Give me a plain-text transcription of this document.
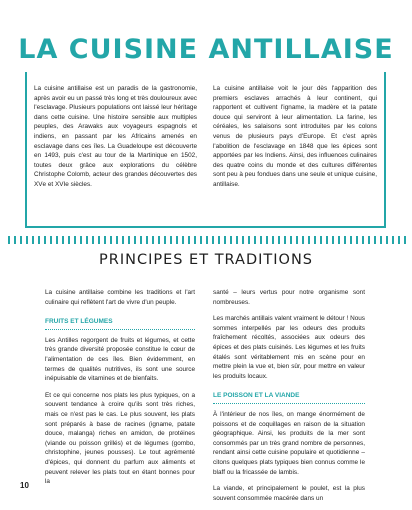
LA CUISINE ANTILLAISE

La cuisine antillaise est un paradis de la gastronomie, après avoir eu un passé très long et très douloureux avec l'esclavage. Plusieurs populations ont laissé leur héritage dans cette cuisine. Une histoire sensible aux multiples peuples, des Arawaks aux voyageurs espagnols et indiens, en passant par les Africains amenés en esclavage dans ces îles. La Guadeloupe est découverte en 1493, puis c'est au tour de la Martinique en 1502, toutes deux grâce aux explorations du célèbre Christophe Colomb, acteur des grandes découvertes des XVe et XVIe siècles.

La cuisine antillaise voit le jour dès l'apparition des premiers esclaves arrachés à leur continent, qui rapportent et cultivent l'igname, la madère et la patate douce qui serviront à leur alimentation. La farine, les céréales, les salaisons sont introduites par les colons venus de plusieurs pays d'Europe. Et c'est après l'abolition de l'esclavage en 1848 que les épices sont apportées par les Indiens. Ainsi, des influences culinaires des quatre coins du monde et des cultures différentes sont peu à peu fondues dans une seule et unique cuisine, antillaise.

PRINCIPES ET TRADITIONS

La cuisine antillaise combine les traditions et l'art culinaire qui reflètent l'art de vivre d'un peuple.

FRUITS ET LÉGUMES

Les Antilles regorgent de fruits et légumes, et cette très grande diversité proposée constitue le cœur de l'alimentation de ces îles. Bien évidemment, en termes de qualités nutritives, ils sont une source inépuisable de vitamines et de bienfaits.

Et ce qui concerne nos plats les plus typiques, on a souvent tendance à croire qu'ils sont très riches, mais ce n'est pas le cas. Le plus souvent, les plats sont préparés à base de racines (igname, patate douce, malanga) riches en amidon, de protéines (viande ou poisson grillés) et de légumes (gombo, christophine, jeunes pousses). Le tout agrémenté d'épices, qui donnent du parfum aux aliments et peuvent relever les plats tout en étant bonnes pour la

santé – leurs vertus pour notre organisme sont nombreuses.

Les marchés antillais valent vraiment le détour ! Nous sommes interpellés par les odeurs des produits fraîchement récoltés, associées aux odeurs des épices et des plats cuisinés. Les légumes et les fruits étalés sont véritablement mis en scène pour en mettre plein la vue et, bien sûr, pour mettre en valeur les produits locaux.

LE POISSON ET LA VIANDE

À l'intérieur de nos îles, on mange énormément de poissons et de coquillages en raison de la situation géographique. Ainsi, les produits de la mer sont consommés par un très grand nombre de personnes, rendant ainsi cette cuisine populaire et quotidienne – citons quelques plats typiques bien connus comme le blaff ou la fricassée de lambis.

La viande, et principalement le poulet, est la plus souvent consommée macérée dans un

10
